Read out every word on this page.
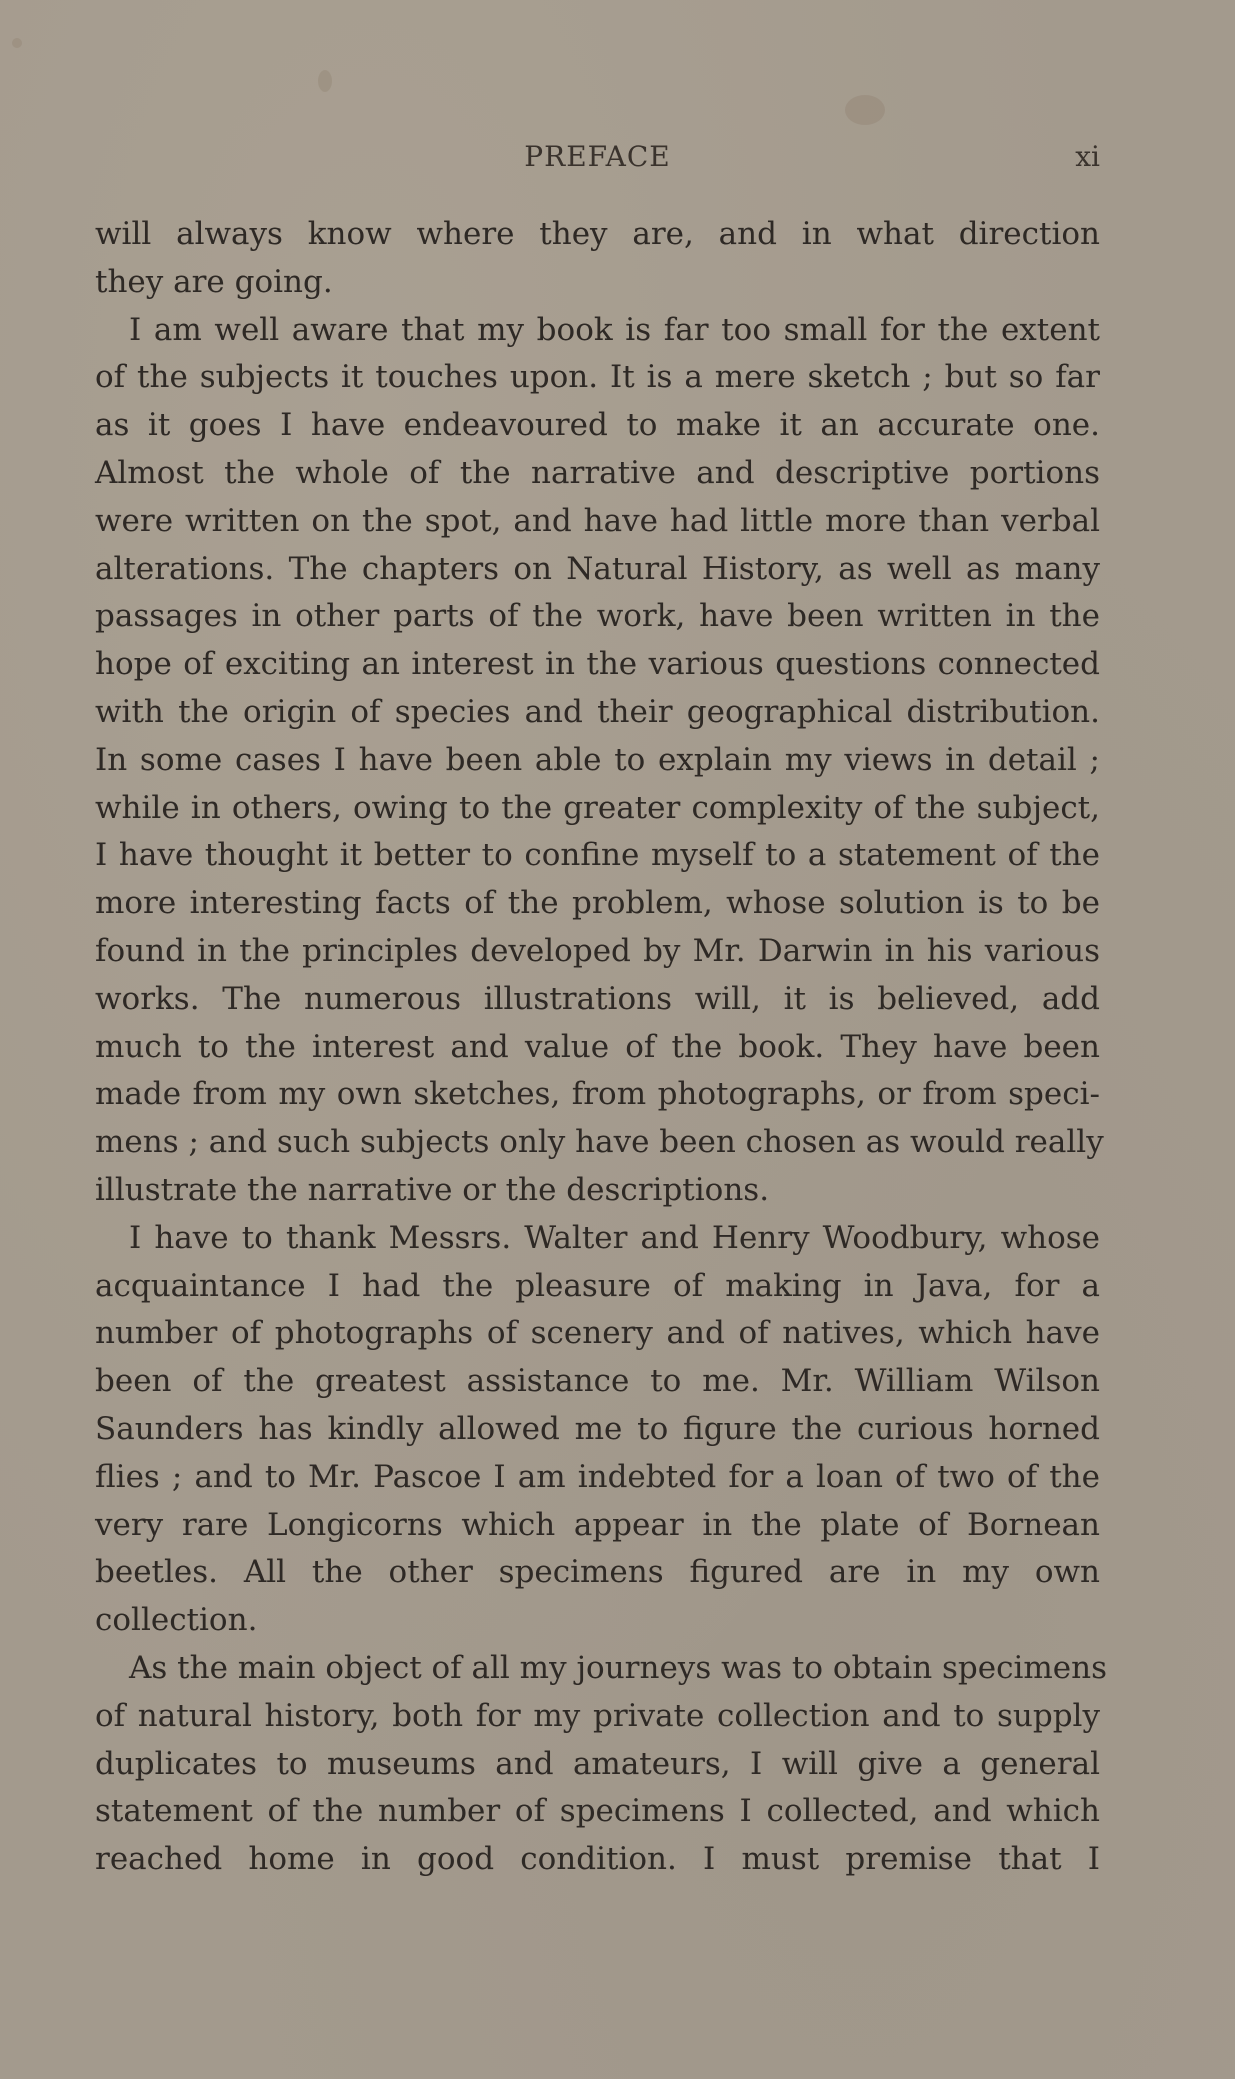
PREFACE	xi
will always know where they are, and in what direction
they are going.
I am well aware that my book is far too small for the extent
of the subjects it touches upon. It is a mere sketch ; but so far
as it goes I have endeavoured to make it an accurate one.
Almost the whole of the narrative and descriptive portions
were written on the spot, and have had little more than verbal
alterations. The chapters on Natural History, as well as many
passages in other parts of the work, have been written in the
hope of exciting an interest in the various questions connected
with the origin of species and their geographical distribution.
In some cases I have been able to explain my views in detail ;
while in others, owing to the greater complexity of the subject,
I have thought it better to confine myself to a statement of the
more interesting facts of the problem, whose solution is to be
found in the principles developed by Mr. Darwin in his various
works. The numerous illustrations will, it is believed, add
much to the interest and value of the book. They have been
made from my own sketches, from photographs, or from speci-
mens ; and such subjects only have been chosen as would really
illustrate the narrative or the descriptions.
I have to thank Messrs. Walter and Henry Woodbury, whose
acquaintance I had the pleasure of making in Java, for a
number of photographs of scenery and of natives, which have
been of the greatest assistance to me. Mr. William Wilson
Saunders has kindly allowed me to figure the curious horned
flies ; and to Mr. Pascoe I am indebted for a loan of two of the
very rare Longicorns which appear in the plate of Bornean
beetles. All the other specimens figured are in my own
collection.
As the main object of all my journeys was to obtain specimens
of natural history, both for my private collection and to supply
duplicates to museums and amateurs, I will give a general
statement of the number of specimens I collected, and which
reached home in good condition. I must premise that I
